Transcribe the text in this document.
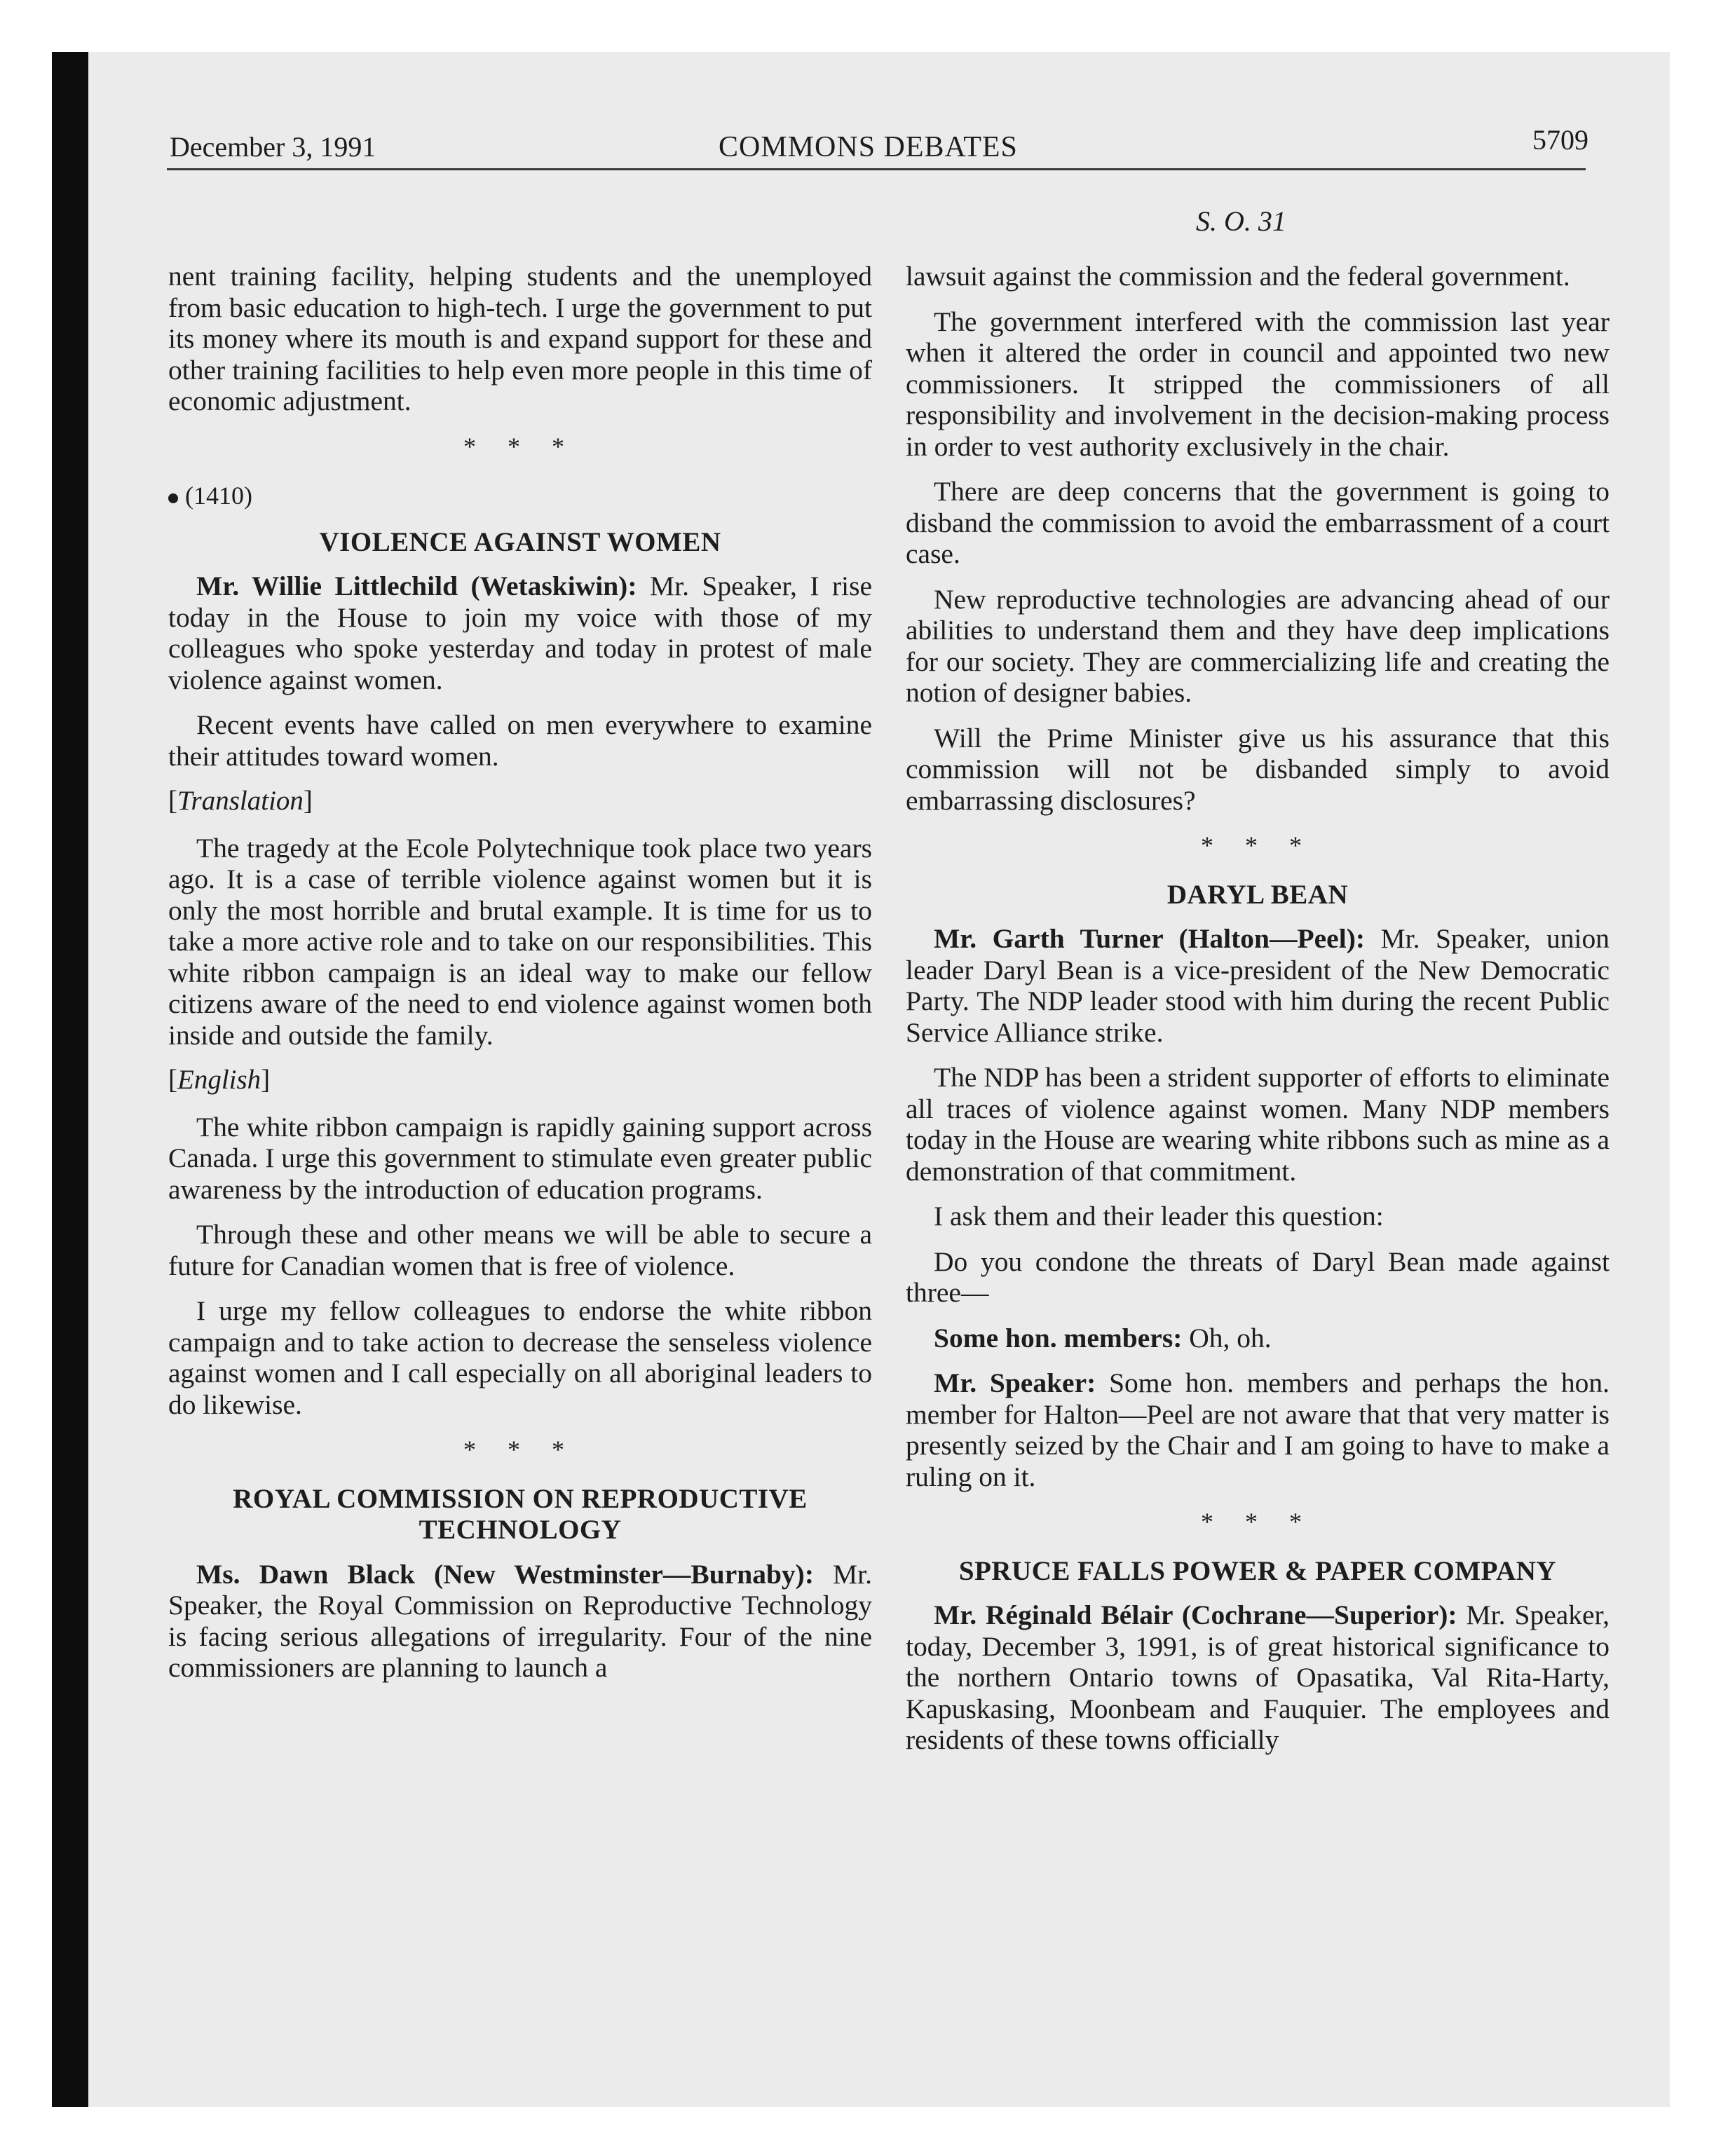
December 3, 1991	COMMONS DEBATES	5709
S. O. 31

nent training facility, helping students and the unemployed from basic education to high-tech. I urge the government to put its money where its mouth is and expand support for these and other training facilities to help even more people in this time of economic adjustment.

* * *
(1410)
VIOLENCE AGAINST WOMEN

Mr. Willie Littlechild (Wetaskiwin): Mr. Speaker, I rise today in the House to join my voice with those of my colleagues who spoke yesterday and today in protest of male violence against women.

Recent events have called on men everywhere to examine their attitudes toward women.

[Translation]

The tragedy at the Ecole Polytechnique took place two years ago. It is a case of terrible violence against women but it is only the most horrible and brutal example. It is time for us to take a more active role and to take on our responsibilities. This white ribbon campaign is an ideal way to make our fellow citizens aware of the need to end violence against women both inside and outside the family.

[English]

The white ribbon campaign is rapidly gaining support across Canada. I urge this government to stimulate even greater public awareness by the introduction of education programs.

Through these and other means we will be able to secure a future for Canadian women that is free of violence.

I urge my fellow colleagues to endorse the white ribbon campaign and to take action to decrease the senseless violence against women and I call especially on all aboriginal leaders to do likewise.

* * *
ROYAL COMMISSION ON REPRODUCTIVE TECHNOLOGY

Ms. Dawn Black (New Westminster—Burnaby): Mr. Speaker, the Royal Commission on Reproductive Technology is facing serious allegations of irregularity. Four of the nine commissioners are planning to launch a

lawsuit against the commission and the federal government.

The government interfered with the commission last year when it altered the order in council and appointed two new commissioners. It stripped the commissioners of all responsibility and involvement in the decision-making process in order to vest authority exclusively in the chair.

There are deep concerns that the government is going to disband the commission to avoid the embarrassment of a court case.

New reproductive technologies are advancing ahead of our abilities to understand them and they have deep implications for our society. They are commercializing life and creating the notion of designer babies.

Will the Prime Minister give us his assurance that this commission will not be disbanded simply to avoid embarrassing disclosures?

* * *
DARYL BEAN

Mr. Garth Turner (Halton—Peel): Mr. Speaker, union leader Daryl Bean is a vice-president of the New Democratic Party. The NDP leader stood with him during the recent Public Service Alliance strike.

The NDP has been a strident supporter of efforts to eliminate all traces of violence against women. Many NDP members today in the House are wearing white ribbons such as mine as a demonstration of that commitment.

I ask them and their leader this question:

Do you condone the threats of Daryl Bean made against three—

Some hon. members: Oh, oh.

Mr. Speaker: Some hon. members and perhaps the hon. member for Halton—Peel are not aware that that very matter is presently seized by the Chair and I am going to have to make a ruling on it.

* * *
SPRUCE FALLS POWER & PAPER COMPANY

Mr. Réginald Bélair (Cochrane—Superior): Mr. Speaker, today, December 3, 1991, is of great historical significance to the northern Ontario towns of Opasatika, Val Rita-Harty, Kapuskasing, Moonbeam and Fauquier. The employees and residents of these towns officially
